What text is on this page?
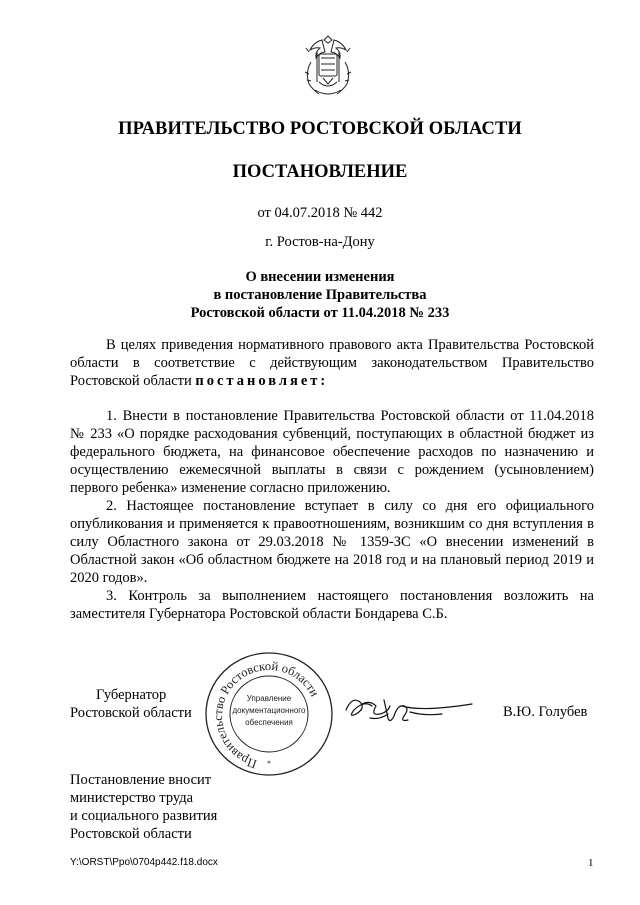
ПРАВИТЕЛЬСТВО РОСТОВСКОЙ ОБЛАСТИ
ПОСТАНОВЛЕНИЕ
от 04.07.2018 № 442
г. Ростов-на-Дону
О внесении изменения
в постановление Правительства
Ростовской области от 11.04.2018 № 233

В целях приведения нормативного правового акта Правительства Ростовской области в соответствие с действующим законодательством Правительство Ростовской области постановляет:

1. Внести в постановление Правительства Ростовской области от 11.04.2018 № 233 «О порядке расходования субвенций, поступающих в областной бюджет из федерального бюджета, на финансовое обеспечение расходов по назначению и осуществлению ежемесячной выплаты в связи с рождением (усыновлением) первого ребенка» изменение согласно приложению.

2. Настоящее постановление вступает в силу со дня его официального опубликования и применяется к правоотношениям, возникшим со дня вступления в силу Областного закона от 29.03.2018 № 1359-ЗС «О внесении изменений в Областной закон «Об областном бюджете на 2018 год и на плановый период 2019 и 2020 годов».

3. Контроль за выполнением настоящего постановления возложить на заместителя Губернатора Ростовской области Бондарева С.Б.

Правительство Ростовской области
Управление
документационного
обеспечения
*
Губернатор
Ростовской области	В.Ю. Голубев
Постановление вносит
министерство труда
и социального развития
Ростовской области
Y:\ORST\Ppo\0704p442.f18.docx	1
